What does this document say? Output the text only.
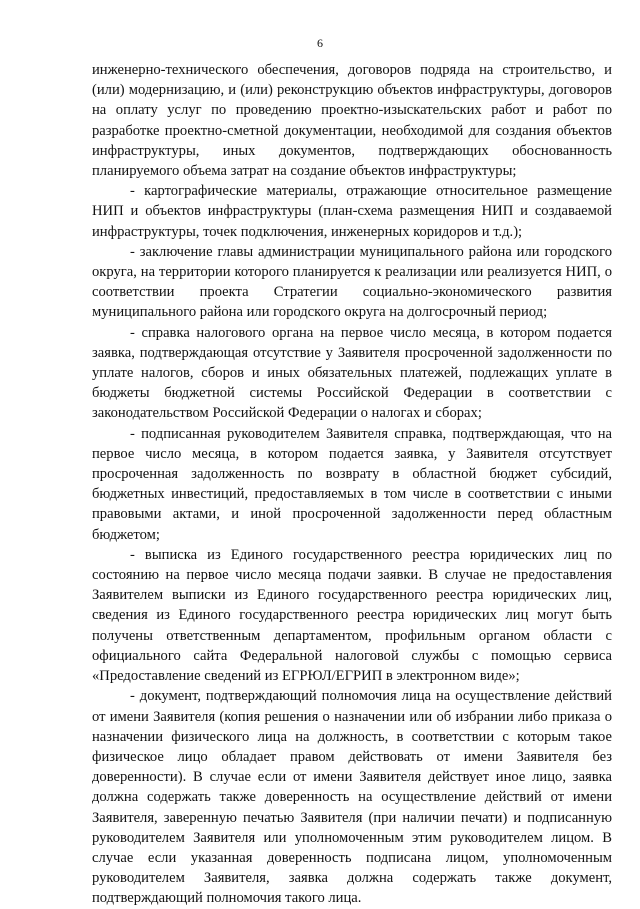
6

инженерно-технического обеспечения, договоров подряда на строительство, и (или) модернизацию, и (или) реконструкцию объектов инфраструктуры, договоров на оплату услуг по проведению проектно-изыскательских работ и работ по разработке проектно-сметной документации, необходимой для создания объектов инфраструктуры, иных документов, подтверждающих обоснованность планируемого объема затрат на создание объектов инфраструктуры;

- картографические материалы, отражающие относительное размещение НИП и объектов инфраструктуры (план-схема размещения НИП и создаваемой инфраструктуры, точек подключения, инженерных коридоров и т.д.);

- заключение главы администрации муниципального района или городского округа, на территории которого планируется к реализации или реализуется НИП, о соответствии проекта Стратегии социально-экономического развития муниципального района или городского округа на долгосрочный период;

- справка налогового органа на первое число месяца, в котором подается заявка, подтверждающая отсутствие у Заявителя просроченной задолженности по уплате налогов, сборов и иных обязательных платежей, подлежащих уплате в бюджеты бюджетной системы Российской Федерации в соответствии с законодательством Российской Федерации о налогах и сборах;

- подписанная руководителем Заявителя справка, подтверждающая, что на первое число месяца, в котором подается заявка, у Заявителя отсутствует просроченная задолженность по возврату в областной бюджет субсидий, бюджетных инвестиций, предоставляемых в том числе в соответствии с иными правовыми актами, и иной просроченной задолженности перед областным бюджетом;

- выписка из Единого государственного реестра юридических лиц по состоянию на первое число месяца подачи заявки. В случае не предоставления Заявителем выписки из Единого государственного реестра юридических лиц, сведения из Единого государственного реестра юридических лиц могут быть получены ответственным департаментом, профильным органом области с официального сайта Федеральной налоговой службы с помощью сервиса «Предоставление сведений из ЕГРЮЛ/ЕГРИП в электронном виде»;

- документ, подтверждающий полномочия лица на осуществление действий от имени Заявителя (копия решения о назначении или об избрании либо приказа о назначении физического лица на должность, в соответствии с которым такое физическое лицо обладает правом действовать от имени Заявителя без доверенности). В случае если от имени Заявителя действует иное лицо, заявка должна содержать также доверенность на осуществление действий от имени Заявителя, заверенную печатью Заявителя (при наличии печати) и подписанную руководителем Заявителя или уполномоченным этим руководителем лицом. В случае если указанная доверенность подписана лицом, уполномоченным руководителем Заявителя, заявка должна содержать также документ, подтверждающий полномочия такого лица.
